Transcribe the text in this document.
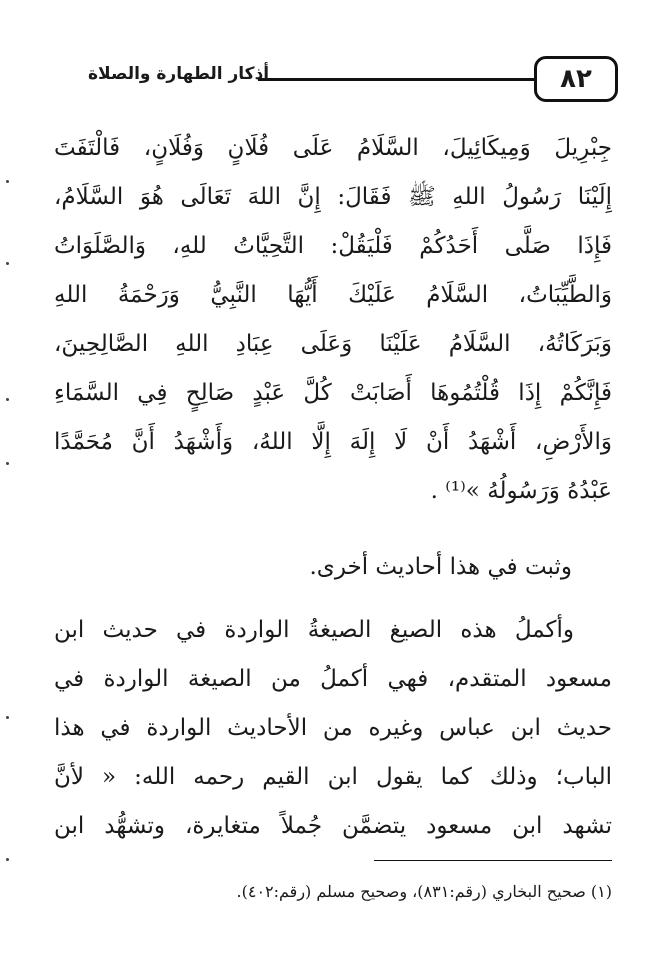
٨٢
أذكار الطهارة والصلاة
جِبْرِيلَ وَمِيكَائِيلَ، السَّلَامُ عَلَى فُلَانٍ وَفُلَانٍ، فَالْتَفَتَ
إِلَيْنَا رَسُولُ اللهِ ﷺ فَقَالَ: إِنَّ اللهَ تَعَالَى هُوَ السَّلَامُ،
فَإِذَا صَلَّى أَحَدُكُمْ فَلْيَقُلْ: التَّحِيَّاتُ للهِ، وَالصَّلَوَاتُ
وَالطَّيِّبَاتُ، السَّلَامُ عَلَيْكَ أَيُّهَا النَّبِيُّ وَرَحْمَةُ اللهِ
وَبَرَكَاتُهُ، السَّلَامُ عَلَيْنَا وَعَلَى عِبَادِ اللهِ الصَّالِحِينَ،
فَإِنَّكُمْ إِذَا قُلْتُمُوهَا أَصَابَتْ كُلَّ عَبْدٍ صَالِحٍ فِي السَّمَاءِ
وَالأَرْضِ، أَشْهَدُ أَنْ لَا إِلَهَ إِلَّا اللهُ، وَأَشْهَدُ أَنَّ مُحَمَّدًا
عَبْدُهُ وَرَسُولُهُ »⁽¹⁾ .
وثبت في هذا أحاديث أخرى.
وأكملُ هذه الصيغ الصيغةُ الواردة في حديث ابن
مسعود المتقدم، فهي أكملُ من الصيغة الواردة في
حديث ابن عباس وغيره من الأحاديث الواردة في هذا
الباب؛ وذلك كما يقول ابن القيم رحمه الله: « لأنَّ
تشهد ابن مسعود يتضمَّن جُملاً متغايرة، وتشهُّد ابن
(١) صحيح البخاري (رقم:٨٣١)، وصحيح مسلم (رقم:٤٠٢).
